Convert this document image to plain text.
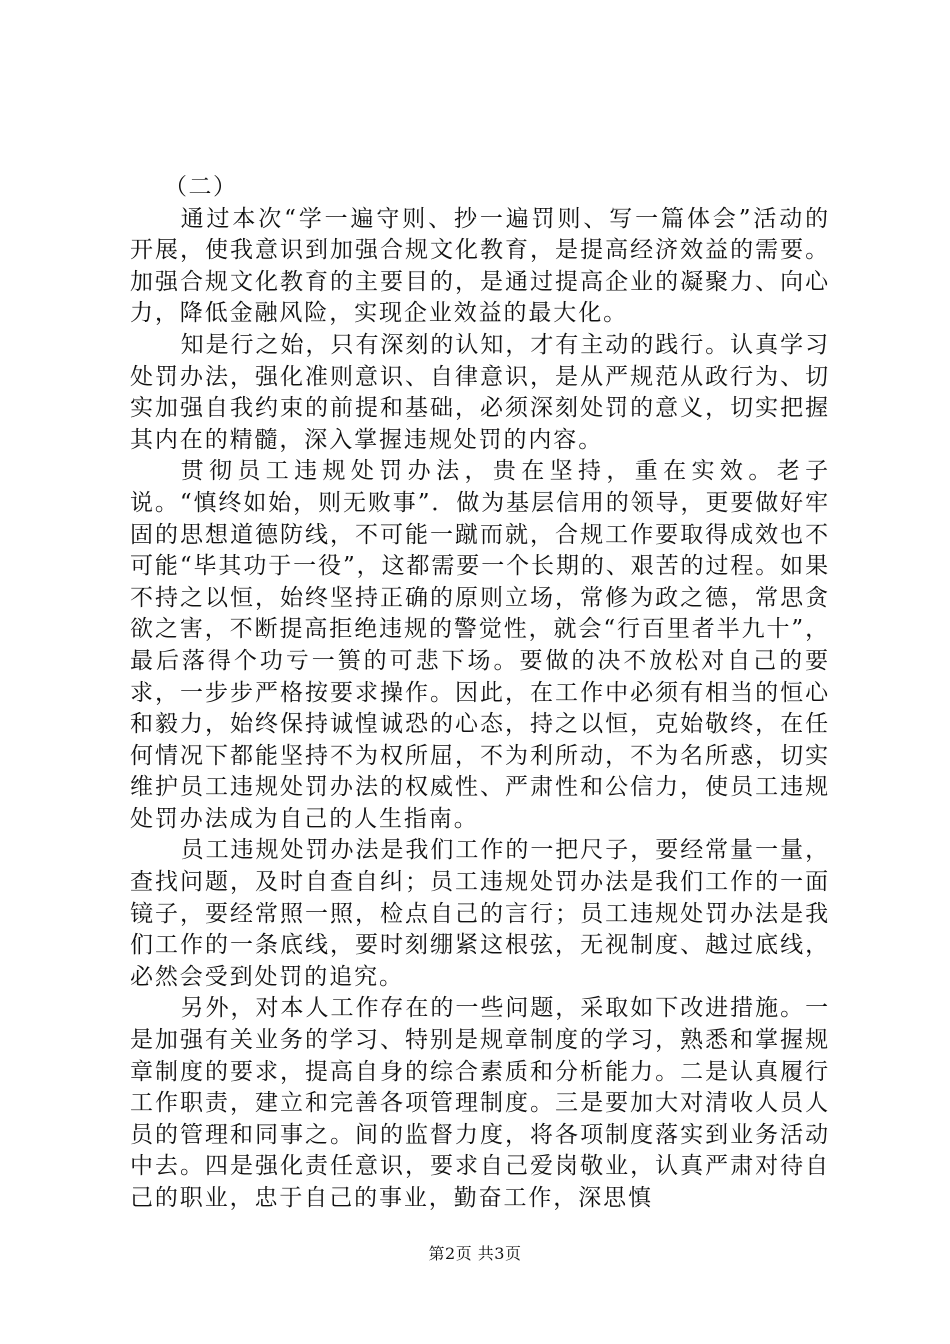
（二）

通过本次“学一遍守则、抄一遍罚则、写一篇体会”活动的开展，使我意识到加强合规文化教育，是提高经济效益的需要。加强合规文化教育的主要目的，是通过提高企业的凝聚力、向心力，降低金融风险，实现企业效益的最大化。

知是行之始，只有深刻的认知，才有主动的践行。认真学习处罚办法，强化准则意识、自律意识，是从严规范从政行为、切实加强自我约束的前提和基础，必须深刻处罚的意义，切实把握其内在的精髓，深入掌握违规处罚的内容。

贯彻员工违规处罚办法，贵在坚持，重在实效。老子说。“慎终如始，则无败事”．做为基层信用的领导，更要做好牢固的思想道德防线，不可能一蹴而就，合规工作要取得成效也不可能“毕其功于一役”，这都需要一个长期的、艰苦的过程。如果不持之以恒，始终坚持正确的原则立场，常修为政之德，常思贪欲之害，不断提高拒绝违规的警觉性，就会“行百里者半九十”，最后落得个功亏一篑的可悲下场。要做的决不放松对自己的要求，一步步严格按要求操作。因此，在工作中必须有相当的恒心和毅力，始终保持诚惶诚恐的心态，持之以恒，克始敬终，在任何情况下都能坚持不为权所屈，不为利所动，不为名所惑，切实维护员工违规处罚办法的权威性、严肃性和公信力，使员工违规处罚办法成为自己的人生指南。

员工违规处罚办法是我们工作的一把尺子，要经常量一量，查找问题，及时自查自纠；员工违规处罚办法是我们工作的一面镜子，要经常照一照，检点自己的言行；员工违规处罚办法是我们工作的一条底线，要时刻绷紧这根弦，无视制度、越过底线，必然会受到处罚的追究。

另外，对本人工作存在的一些问题，采取如下改进措施。一是加强有关业务的学习、特别是规章制度的学习，熟悉和掌握规章制度的要求，提高自身的综合素质和分析能力。二是认真履行工作职责，建立和完善各项管理制度。三是要加大对清收人员人员的管理和同事之。间的监督力度，将各项制度落实到业务活动中去。四是强化责任意识，要求自己爱岗敬业，认真严肃对待自己的职业，忠于自己的事业，勤奋工作，深思慎

第2页 共3页
